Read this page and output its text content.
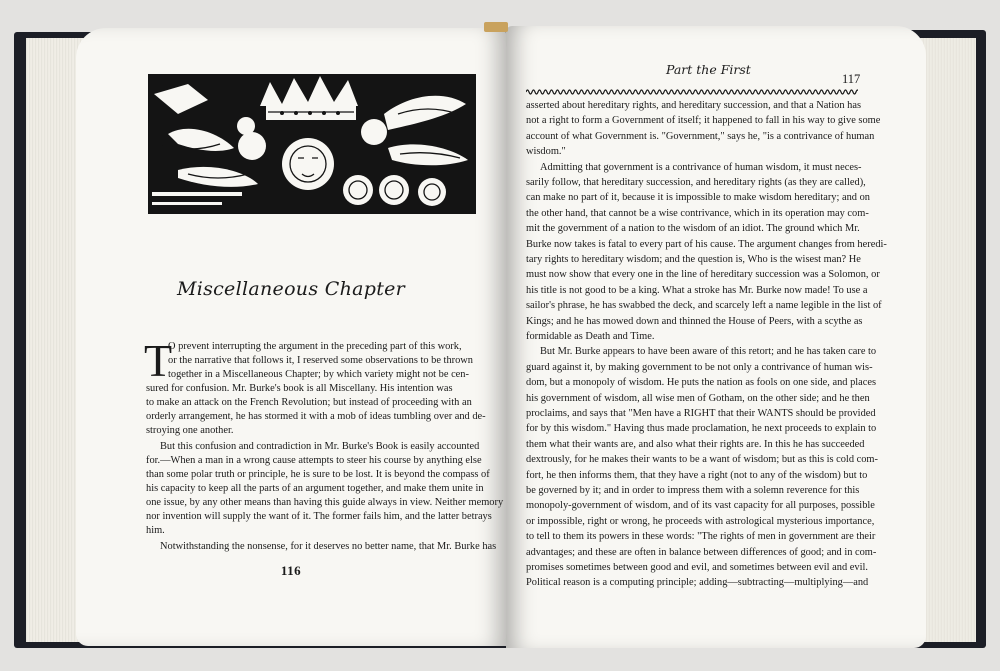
Miscellaneous Chapter
T
O prevent interrupting the argument in the preceding part of this work,
or the narrative that follows it, I reserved some observations to be thrown
together in a Miscellaneous Chapter; by which variety might not be cen-
sured for confusion. Mr. Burke's book is all Miscellany. His intention was
to make an attack on the French Revolution; but instead of proceeding with an
orderly arrangement, he has stormed it with a mob of ideas tumbling over and de-
stroying one another.
But this confusion and contradiction in Mr. Burke's Book is easily accounted
for.—When a man in a wrong cause attempts to steer his course by anything else
than some polar truth or principle, he is sure to be lost. It is beyond the compass of
his capacity to keep all the parts of an argument together, and make them unite in
one issue, by any other means than having this guide always in view. Neither memory
nor invention will supply the want of it. The former fails him, and the latter betrays
him.
Notwithstanding the nonsense, for it deserves no better name, that Mr. Burke has
116
Part the First
117
asserted about hereditary rights, and hereditary succession, and that a Nation has
not a right to form a Government of itself; it happened to fall in his way to give some
account of what Government is. "Government," says he, "is a contrivance of human
wisdom."
Admitting that government is a contrivance of human wisdom, it must neces-
sarily follow, that hereditary succession, and hereditary rights (as they are called),
can make no part of it, because it is impossible to make wisdom hereditary; and on
the other hand, that cannot be a wise contrivance, which in its operation may com-
mit the government of a nation to the wisdom of an idiot. The ground which Mr.
Burke now takes is fatal to every part of his cause. The argument changes from heredi-
tary rights to hereditary wisdom; and the question is, Who is the wisest man? He
must now show that every one in the line of hereditary succession was a Solomon, or
his title is not good to be a king. What a stroke has Mr. Burke now made! To use a
sailor's phrase, he has swabbed the deck, and scarcely left a name legible in the list of
Kings; and he has mowed down and thinned the House of Peers, with a scythe as
formidable as Death and Time.
But Mr. Burke appears to have been aware of this retort; and he has taken care to
guard against it, by making government to be not only a contrivance of human wis-
dom, but a monopoly of wisdom. He puts the nation as fools on one side, and places
his government of wisdom, all wise men of Gotham, on the other side; and he then
proclaims, and says that "Men have a RIGHT that their WANTS should be provided
for by this wisdom." Having thus made proclamation, he next proceeds to explain to
them what their wants are, and also what their rights are. In this he has succeeded
dextrously, for he makes their wants to be a want of wisdom; but as this is cold com-
fort, he then informs them, that they have a right (not to any of the wisdom) but to
be governed by it; and in order to impress them with a solemn reverence for this
monopoly-government of wisdom, and of its vast capacity for all purposes, possible
or impossible, right or wrong, he proceeds with astrological mysterious importance,
to tell to them its powers in these words: "The rights of men in government are their
advantages; and these are often in balance between differences of good; and in com-
promises sometimes between good and evil, and sometimes between evil and evil.
Political reason is a computing principle; adding—subtracting—multiplying—and
